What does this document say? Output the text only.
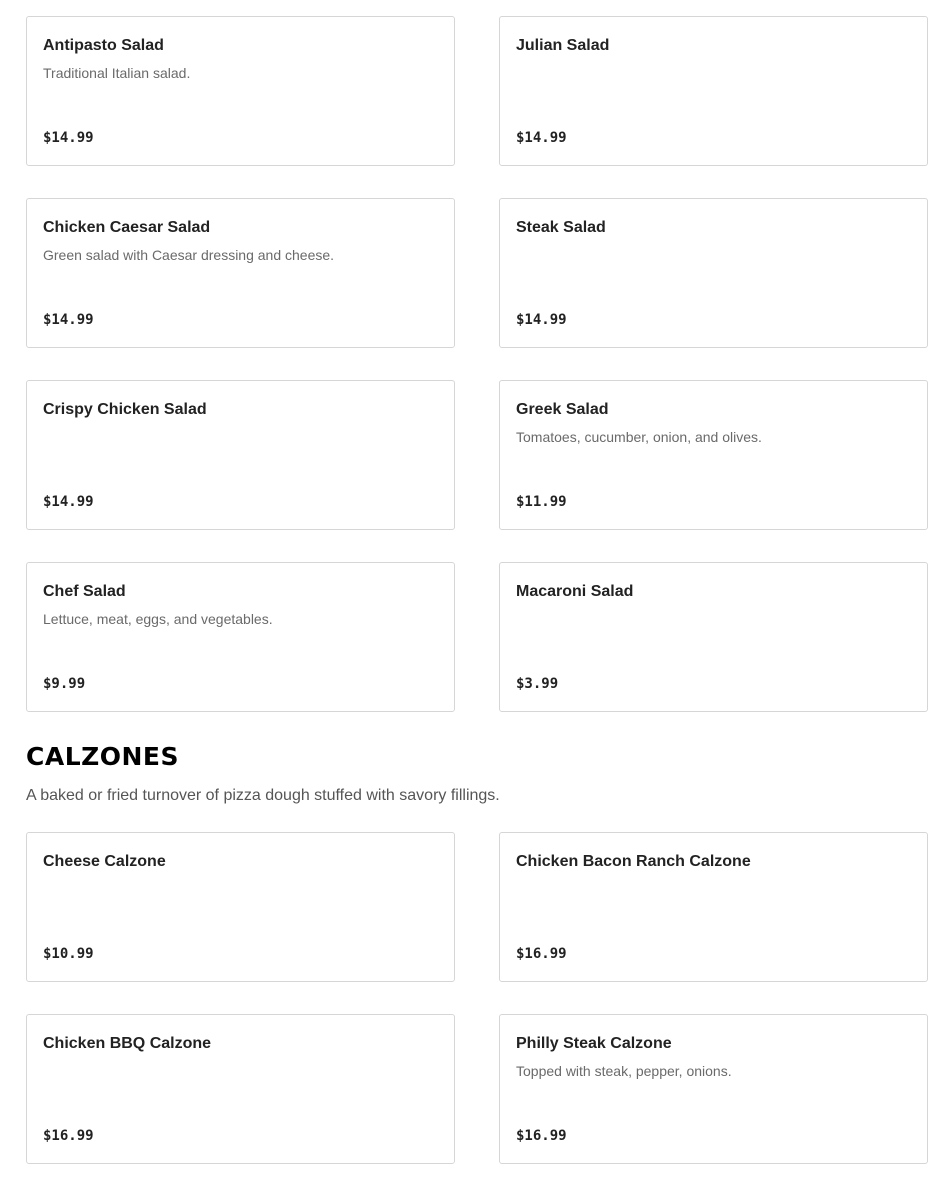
Antipasto Salad
Traditional Italian salad.
$14.99
Julian Salad
$14.99
Chicken Caesar Salad
Green salad with Caesar dressing and cheese.
$14.99
Steak Salad
$14.99
Crispy Chicken Salad
$14.99
Greek Salad
Tomatoes, cucumber, onion, and olives.
$11.99
Chef Salad
Lettuce, meat, eggs, and vegetables.
$9.99
Macaroni Salad
$3.99
CALZONES

A baked or fried turnover of pizza dough stuffed with savory fillings.

Cheese Calzone
$10.99
Chicken Bacon Ranch Calzone
$16.99
Chicken BBQ Calzone
$16.99
Philly Steak Calzone
Topped with steak, pepper, onions.
$16.99
